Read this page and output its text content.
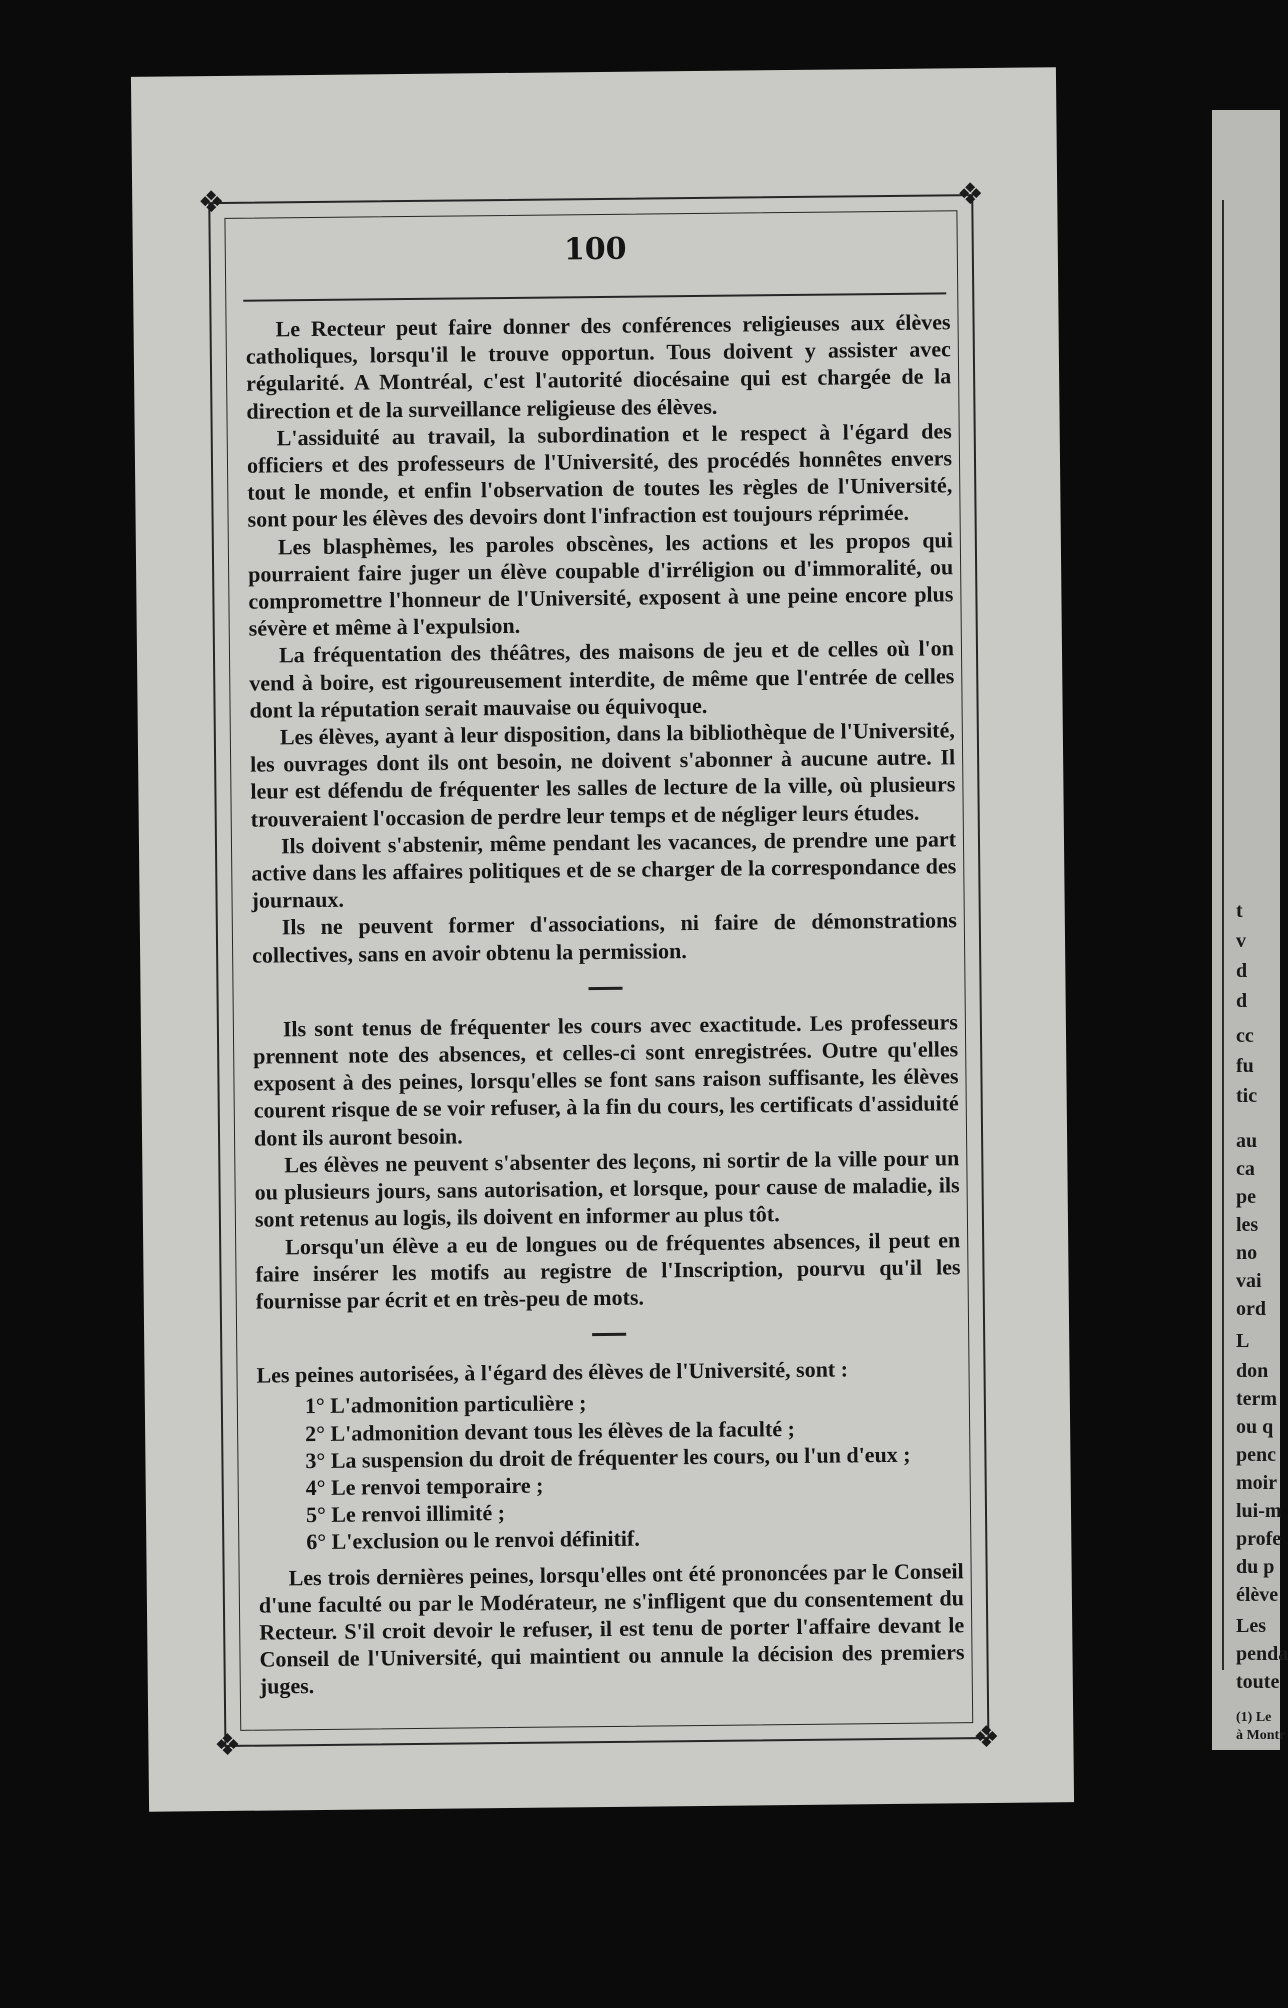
❖	❖
❖	❖
100

Le Recteur peut faire donner des conférences religieuses aux élèves catholiques, lorsqu'il le trouve opportun. Tous doivent y assister avec régularité. A Montréal, c'est l'autorité diocésaine qui est chargée de la direction et de la surveillance religieuse des élèves.

L'assiduité au travail, la subordination et le respect à l'égard des officiers et des professeurs de l'Université, des procédés honnêtes envers tout le monde, et enfin l'observation de toutes les règles de l'Université, sont pour les élèves des devoirs dont l'infraction est toujours réprimée.

Les blasphèmes, les paroles obscènes, les actions et les propos qui pourraient faire juger un élève coupable d'irréligion ou d'immoralité, ou compromettre l'honneur de l'Université, exposent à une peine encore plus sévère et même à l'expulsion.

La fréquentation des théâtres, des maisons de jeu et de celles où l'on vend à boire, est rigoureusement interdite, de même que l'entrée de celles dont la réputation serait mauvaise ou équivoque.

Les élèves, ayant à leur disposition, dans la bibliothèque de l'Université, les ouvrages dont ils ont besoin, ne doivent s'abonner à aucune autre. Il leur est défendu de fréquenter les salles de lecture de la ville, où plusieurs trouveraient l'occasion de perdre leur temps et de négliger leurs études.

Ils doivent s'abstenir, même pendant les vacances, de prendre une part active dans les affaires politiques et de se charger de la correspondance des journaux.

Ils ne peuvent former d'associations, ni faire de démonstrations collectives, sans en avoir obtenu la permission.

Ils sont tenus de fréquenter les cours avec exactitude. Les professeurs prennent note des absences, et celles-ci sont enregistrées. Outre qu'elles exposent à des peines, lorsqu'elles se font sans raison suffisante, les élèves courent risque de se voir refuser, à la fin du cours, les certificats d'assiduité dont ils auront besoin.

Les élèves ne peuvent s'absenter des leçons, ni sortir de la ville pour un ou plusieurs jours, sans autorisation, et lorsque, pour cause de maladie, ils sont retenus au logis, ils doivent en informer au plus tôt.

Lorsqu'un élève a eu de longues ou de fréquentes absences, il peut en faire insérer les motifs au registre de l'Inscription, pourvu qu'il les fournisse par écrit et en très-peu de mots.

Les peines autorisées, à l'égard des élèves de l'Université, sont :

1° L'admonition particulière ;
2° L'admonition devant tous les élèves de la faculté ;
3° La suspension du droit de fréquenter les cours, ou l'un d'eux ;
4° Le renvoi temporaire ;
5° Le renvoi illimité ;
6° L'exclusion ou le renvoi définitif.

Les trois dernières peines, lorsqu'elles ont été prononcées par le Conseil d'une faculté ou par le Modérateur, ne s'infligent que du consentement du Recteur. S'il croit devoir le refuser, il est tenu de porter l'affaire devant le Conseil de l'Université, qui maintient ou annule la décision des premiers juges.

t
v
d
d
cc
fu
tic
au
ca
pe
les
no
vai
ord
L
don
term
ou q
penc
moir
lui-m
profe
du p
élève
Les
penda
toute
(1) Le
à Montr
